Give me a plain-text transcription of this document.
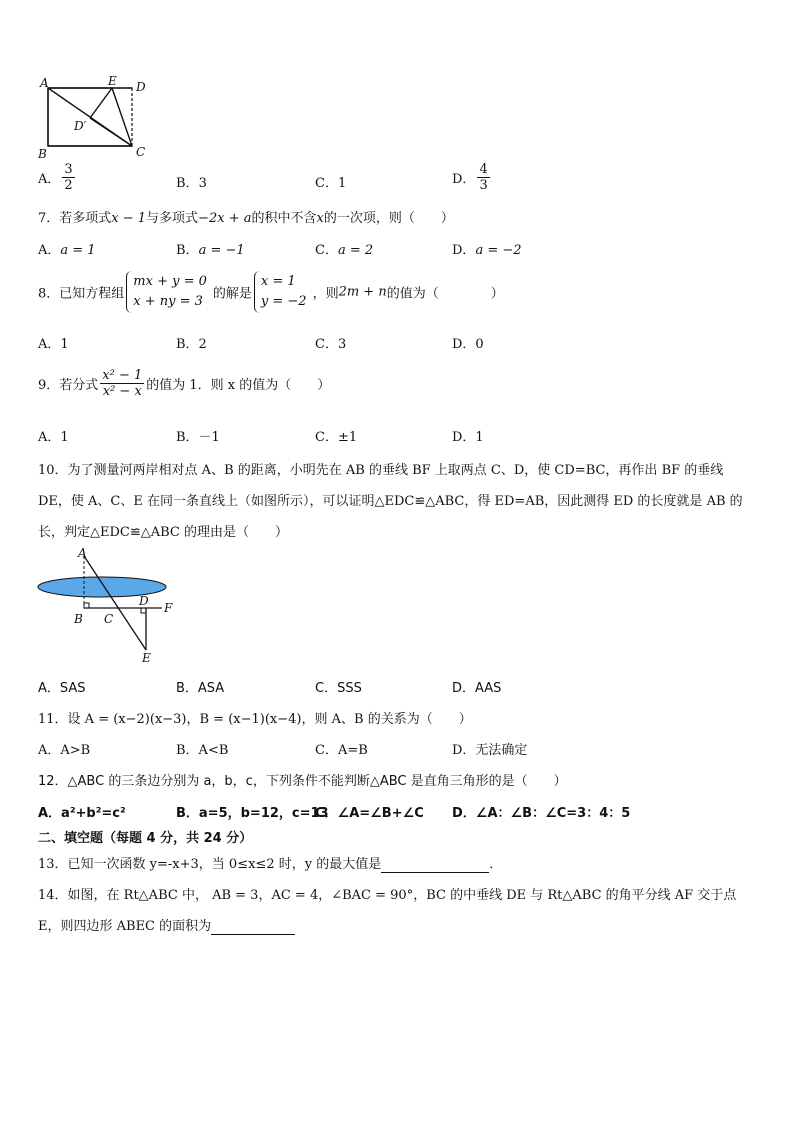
A	E D
D′
B	C
A． $\frac{3}{2}$	B．3	C．1	D． $\frac{4}{3}$
7．若多项式x − 1与多项式−2x + a的积中不含x的一次项，则（　　）
A．a = 1	B．a = −1	C．a = 2	D．a = −2
8．已知方程组
mx + y = 0
x + ny = 3 的解是
x = 1
y = −2 ，则2m + n的值为（　　　　）
A．1	B．2	C．3	D．0
9．若分式 $\frac{\text{x² − 1}}{\text{x² − x}}$ 的值为 1．则 x 的值为（　　）
A．1	B．－1	C．±1	D．1
10．为了测量河两岸相对点 A、B 的距离，小明先在 AB 的垂线 BF 上取两点 C、D，使 CD=BC，再作出 BF 的垂线
DE，使 A、C、E 在同一条直线上（如图所示），可以证明△EDC≌△ABC，得 ED=AB，因此测得 ED 的长度就是 AB 的
长，判定△EDC≌△ABC 的理由是（　　）
A
B C
D F
E
A．SAS	B．ASA	C．SSS	D．AAS
11．设 A = (x−2)(x−3)，B = (x−1)(x−4)，则 A、B 的关系为（　　）
A．A>B	B．A<B	C．A=B	D．无法确定
12．△ABC 的三条边分别为 a，b，c，下列条件不能判断△ABC 是直角三角形的是（　　）
A．a²+b²=c²	B．a=5，b=12，c=13
C．∠A=∠B+∠C D．∠A：∠B：∠C=3：4：5
二、填空题（每题 4 分，共 24 分）
13．已知一次函数 y=-x+3，当 0≤x≤2 时，y 的最大值是	．
14．如图，在 Rt△ABC 中， AB = 3，AC = 4，∠BAC = 90°，BC 的中垂线 DE 与 Rt△ABC 的角平分线 AF 交于点
E，则四边形 ABEC 的面积为
